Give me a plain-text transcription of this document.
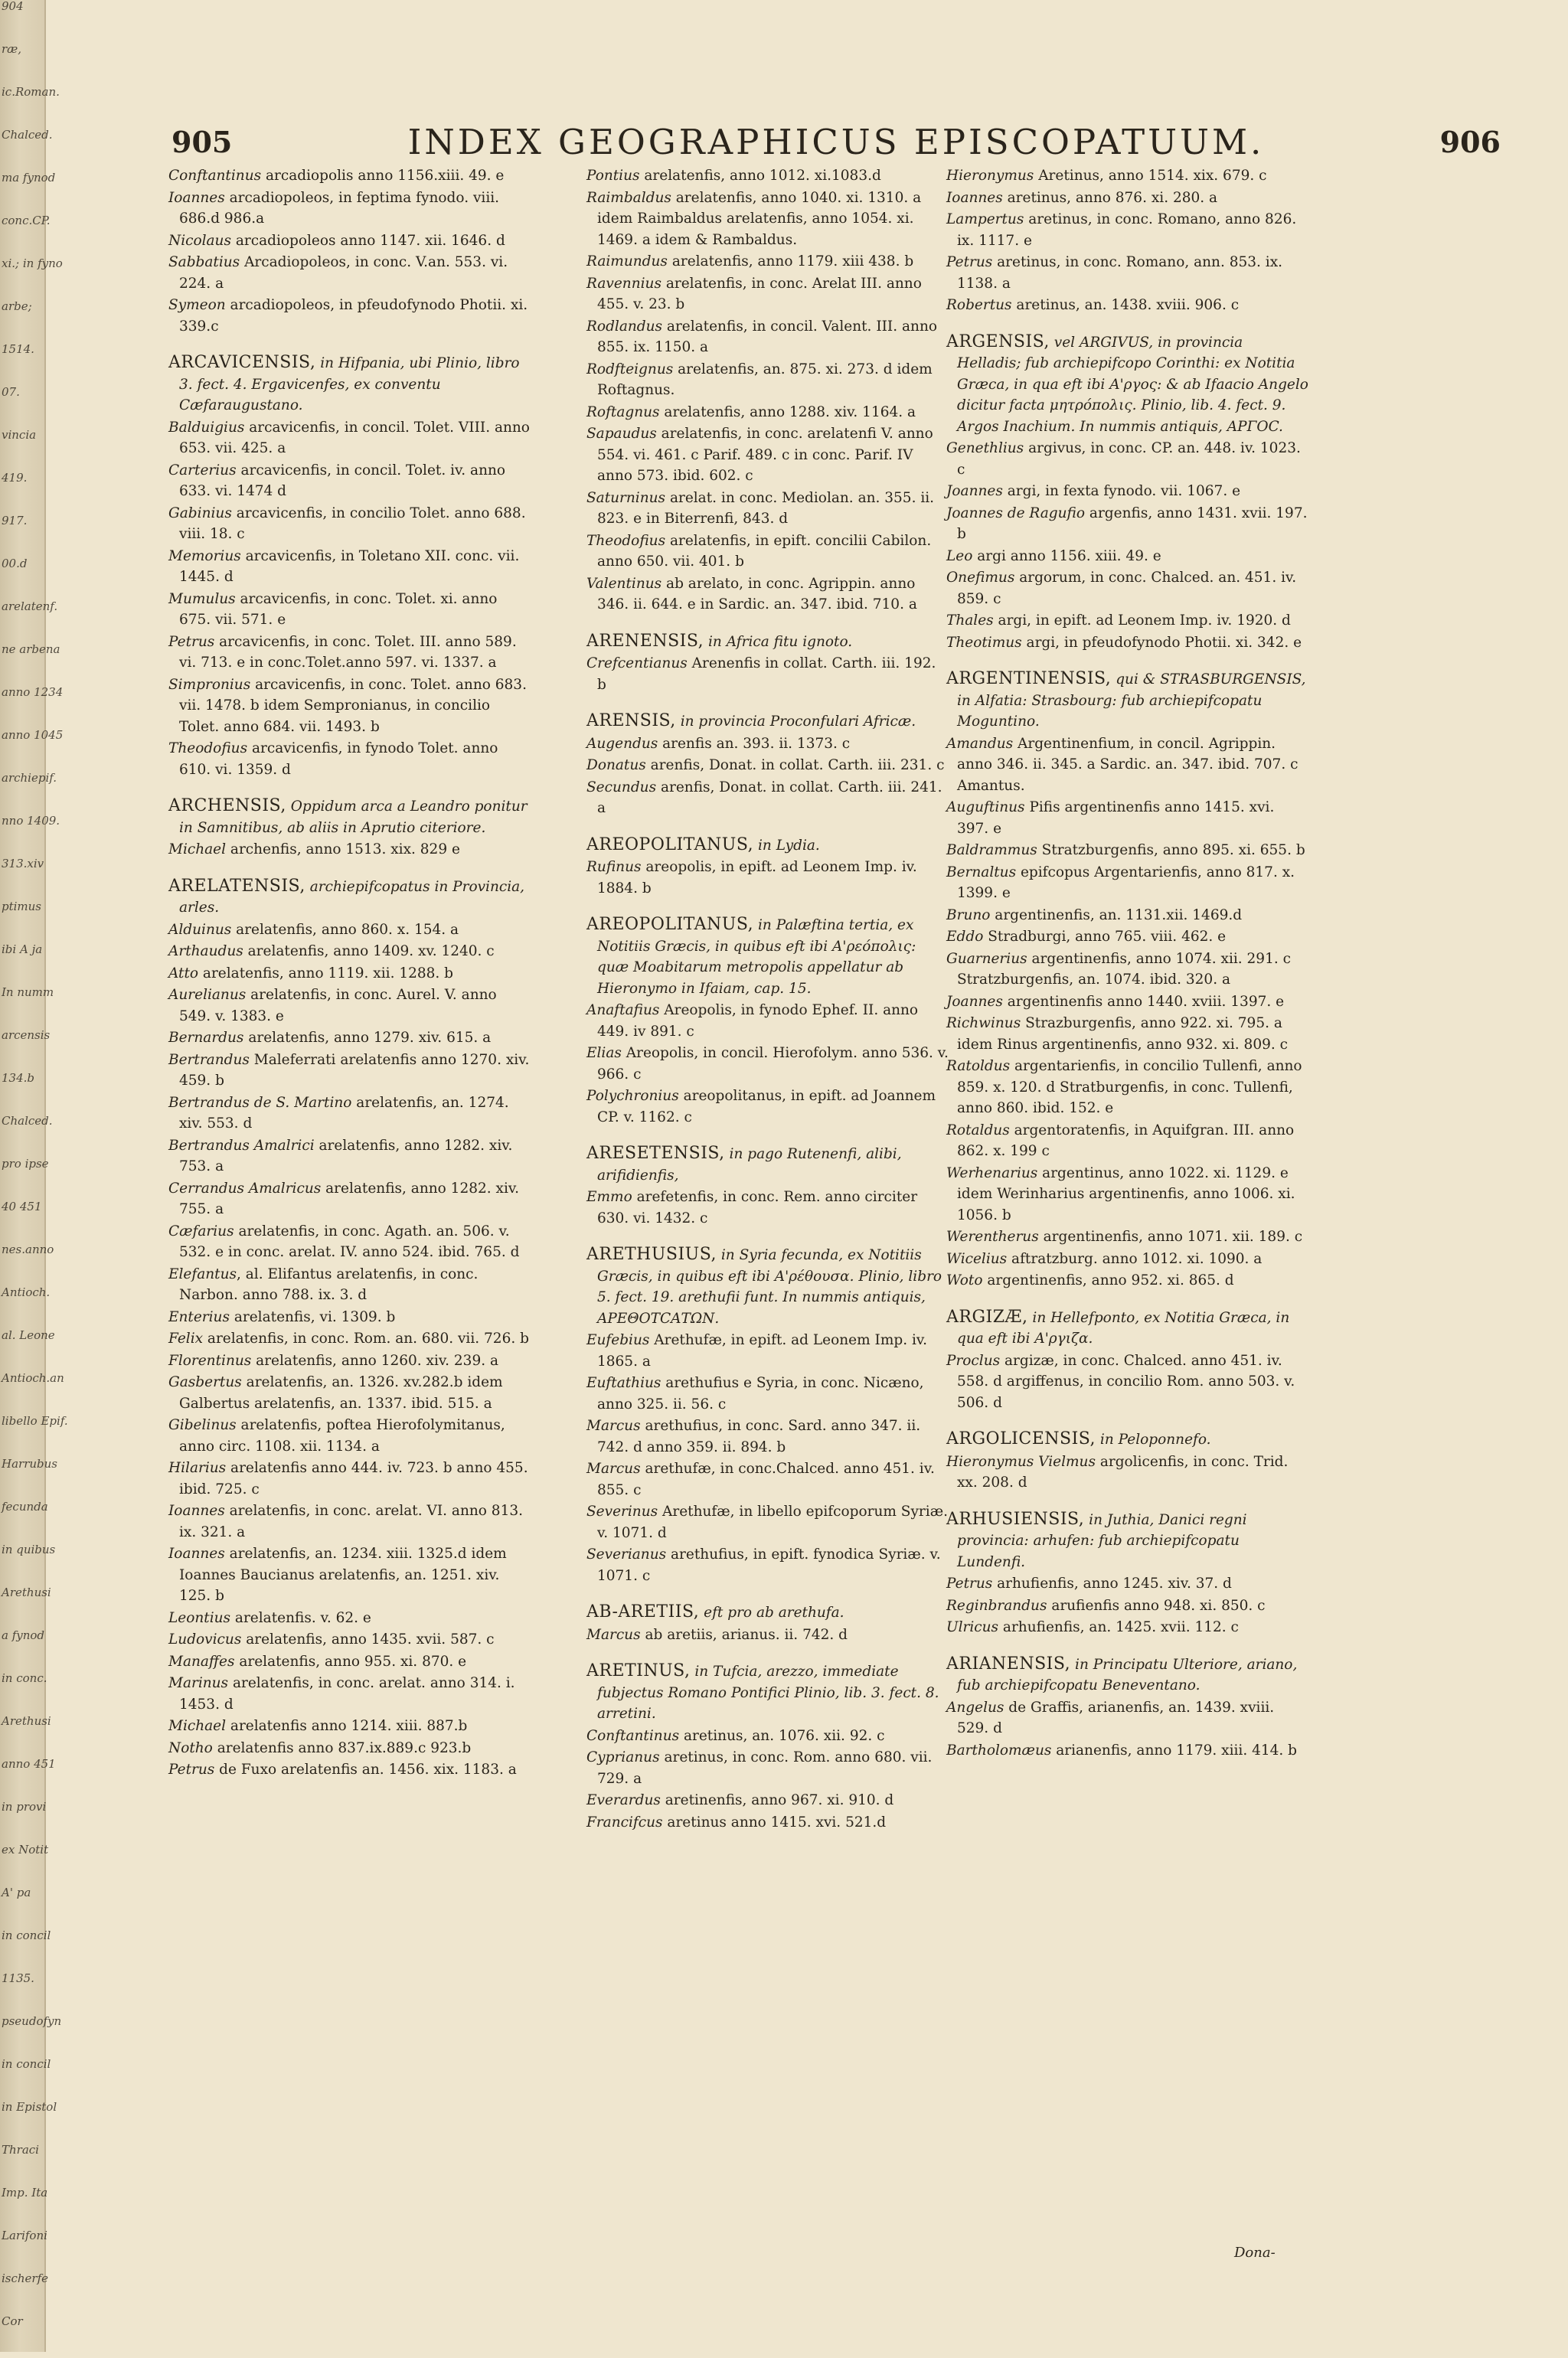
904
ræ,
ic.Roman.
Chalced.
ma fynod
conc.CP.
xi.; in fyno
arbe;
1514.
07.
vincia
419.
917.
00.d
arelatenf.
ne arbena
anno 1234
anno 1045
archiepif.
nno 1409.
313.xiv
ptimus
ibi A ja
In numm
arcensis
134.b
Chalced.
pro ipse
40 451
nes.anno
Antioch.
al. Leone
Antioch.an
libello Epif.
Harrubus
fecunda
in quibus
Arethusi
a fynod
in conc.
Arethusi
anno 451
in provi
ex Notit
A' pa
in concil
1135.
pseudofyn
in concil
in Epistol
Thraci
Imp. Ita
Larifoni
ischerfe
Cor
905	INDEX GEOGRAPHICUS EPISCOPATUUM.	906
Conftantinus arcadiopolis anno 1156.xiii. 49. e
Ioannes arcadiopoleos, in feptima fynodo. viii. 686.d 986.a
Nicolaus arcadiopoleos anno 1147. xii. 1646. d
Sabbatius Arcadiopoleos, in conc. V.an. 553. vi. 224. a
Symeon arcadiopoleos, in pfeudofynodo Photii. xi. 339.c
ARCAVICENSIS, in Hifpania, ubi Plinio, libro 3. fect. 4. Ergavicenfes, ex conventu Cæfaraugustano.
Balduigius arcavicenfis, in concil. Tolet. VIII. anno 653. vii. 425. a
Carterius arcavicenfis, in concil. Tolet. iv. anno 633. vi. 1474 d
Gabinius arcavicenfis, in concilio Tolet. anno 688. viii. 18. c
Memorius arcavicenfis, in Toletano XII. conc. vii. 1445. d
Mumulus arcavicenfis, in conc. Tolet. xi. anno 675. vii. 571. e
Petrus arcavicenfis, in conc. Tolet. III. anno 589. vi. 713. e in conc.Tolet.anno 597. vi. 1337. a
Simpronius arcavicenfis, in conc. Tolet. anno 683. vii. 1478. b idem Sempronianus, in concilio Tolet. anno 684. vii. 1493. b
Theodofius arcavicenfis, in fynodo Tolet. anno 610. vi. 1359. d
ARCHENSIS, Oppidum arca a Leandro ponitur in Samnitibus, ab aliis in Aprutio citeriore.
Michael archenfis, anno 1513. xix. 829 e
ARELATENSIS, archiepifcopatus in Provincia, arles.
Alduinus arelatenfis, anno 860. x. 154. a
Arthaudus arelatenfis, anno 1409. xv. 1240. c
Atto arelatenfis, anno 1119. xii. 1288. b
Aurelianus arelatenfis, in conc. Aurel. V. anno 549. v. 1383. e
Bernardus arelatenfis, anno 1279. xiv. 615. a
Bertrandus Maleferrati arelatenfis anno 1270. xiv. 459. b
Bertrandus de S. Martino arelatenfis, an. 1274. xiv. 553. d
Bertrandus Amalrici arelatenfis, anno 1282. xiv. 753. a
Cerrandus Amalricus arelatenfis, anno 1282. xiv. 755. a
Cæfarius arelatenfis, in conc. Agath. an. 506. v. 532. e in conc. arelat. IV. anno 524. ibid. 765. d
Elefantus, al. Elifantus arelatenfis, in conc. Narbon. anno 788. ix. 3. d
Enterius arelatenfis, vi. 1309. b
Felix arelatenfis, in conc. Rom. an. 680. vii. 726. b
Florentinus arelatenfis, anno 1260. xiv. 239. a
Gasbertus arelatenfis, an. 1326. xv.282.b idem Galbertus arelatenfis, an. 1337. ibid. 515. a
Gibelinus arelatenfis, poftea Hierofolymitanus, anno circ. 1108. xii. 1134. a
Hilarius arelatenfis anno 444. iv. 723. b anno 455. ibid. 725. c
Ioannes arelatenfis, in conc. arelat. VI. anno 813. ix. 321. a
Ioannes arelatenfis, an. 1234. xiii. 1325.d idem Ioannes Baucianus arelatenfis, an. 1251. xiv. 125. b
Leontius arelatenfis. v. 62. e
Ludovicus arelatenfis, anno 1435. xvii. 587. c
Manaffes arelatenfis, anno 955. xi. 870. e
Marinus arelatenfis, in conc. arelat. anno 314. i. 1453. d
Michael arelatenfis anno 1214. xiii. 887.b
Notho arelatenfis anno 837.ix.889.c 923.b
Petrus de Fuxo arelatenfis an. 1456. xix. 1183. a
Pontius arelatenfis, anno 1012. xi.1083.d
Raimbaldus arelatenfis, anno 1040. xi. 1310. a idem Raimbaldus arelatenfis, anno 1054. xi. 1469. a idem & Rambaldus.
Raimundus arelatenfis, anno 1179. xiii 438. b
Ravennius arelatenfis, in conc. Arelat III. anno 455. v. 23. b
Rodlandus arelatenfis, in concil. Valent. III. anno 855. ix. 1150. a
Rodfteignus arelatenfis, an. 875. xi. 273. d idem Roftagnus.
Roftagnus arelatenfis, anno 1288. xiv. 1164. a
Sapaudus arelatenfis, in conc. arelatenfi V. anno 554. vi. 461. c Parif. 489. c in conc. Parif. IV anno 573. ibid. 602. c
Saturninus arelat. in conc. Mediolan. an. 355. ii. 823. e in Biterrenfi, 843. d
Theodofius arelatenfis, in epift. concilii Cabilon. anno 650. vii. 401. b
Valentinus ab arelato, in conc. Agrippin. anno 346. ii. 644. e in Sardic. an. 347. ibid. 710. a
ARENENSIS, in Africa fitu ignoto.
Crefcentianus Arenenfis in collat. Carth. iii. 192. b
ARENSIS, in provincia Proconfulari Africæ.
Augendus arenfis an. 393. ii. 1373. c
Donatus arenfis, Donat. in collat. Carth. iii. 231. c
Secundus arenfis, Donat. in collat. Carth. iii. 241. a
AREOPOLITANUS, in Lydia.
Rufinus areopolis, in epift. ad Leonem Imp. iv. 1884. b
AREOPOLITANUS, in Palæftina tertia, ex Notitiis Græcis, in quibus eft ibi A'ρεόπολις: quæ Moabitarum metropolis appellatur ab Hieronymo in Ifaiam, cap. 15.
Anaftafius Areopolis, in fynodo Ephef. II. anno 449. iv 891. c
Elias Areopolis, in concil. Hierofolym. anno 536. v. 966. c
Polychronius areopolitanus, in epift. ad Joannem CP. v. 1162. c
ARESETENSIS, in pago Rutenenfi, alibi, arifidienfis,
Emmo arefetenfis, in conc. Rem. anno circiter 630. vi. 1432. c
ARETHUSIUS, in Syria fecunda, ex Notitiis Græcis, in quibus eft ibi A'ρέθουσα. Plinio, libro 5. fect. 19. arethufii funt. In nummis antiquis, APEΘΟΤCΑΤΩΝ.
Eufebius Arethufæ, in epift. ad Leonem Imp. iv. 1865. a
Euftathius arethufius e Syria, in conc. Nicæno, anno 325. ii. 56. c
Marcus arethufius, in conc. Sard. anno 347. ii. 742. d anno 359. ii. 894. b
Marcus arethufæ, in conc.Chalced. anno 451. iv. 855. c
Severinus Arethufæ, in libello epifcoporum Syriæ. v. 1071. d
Severianus arethufius, in epift. fynodica Syriæ. v. 1071. c
AB-ARETIIS, eft pro ab arethufa.
Marcus ab aretiis, arianus. ii. 742. d
ARETINUS, in Tufcia, arezzo, immediate fubjectus Romano Pontifici Plinio, lib. 3. fect. 8. arretini.
Conftantinus aretinus, an. 1076. xii. 92. c
Cyprianus aretinus, in conc. Rom. anno 680. vii. 729. a
Everardus aretinenfis, anno 967. xi. 910. d
Francifcus aretinus anno 1415. xvi. 521.d
Hieronymus Aretinus, anno 1514. xix. 679. c
Ioannes aretinus, anno 876. xi. 280. a
Lampertus aretinus, in conc. Romano, anno 826. ix. 1117. e
Petrus aretinus, in conc. Romano, ann. 853. ix. 1138. a
Robertus aretinus, an. 1438. xviii. 906. c
ARGENSIS, vel ARGIVUS, in provincia Helladis; fub archiepifcopo Corinthi: ex Notitia Græca, in qua eft ibi A'ργος: & ab Ifaacio Angelo dicitur facta μητρόπολις. Plinio, lib. 4. fect. 9. Argos Inachium. In nummis antiquis, APΓOC.
Genethlius argivus, in conc. CP. an. 448. iv. 1023. c
Joannes argi, in fexta fynodo. vii. 1067. e
Joannes de Ragufio argenfis, anno 1431. xvii. 197. b
Leo argi anno 1156. xiii. 49. e
Onefimus argorum, in conc. Chalced. an. 451. iv. 859. c
Thales argi, in epift. ad Leonem Imp. iv. 1920. d
Theotimus argi, in pfeudofynodo Photii. xi. 342. e
ARGENTINENSIS, qui & STRASBURGENSIS, in Alfatia: Strasbourg: fub archiepifcopatu Moguntino.
Amandus Argentinenfium, in concil. Agrippin. anno 346. ii. 345. a Sardic. an. 347. ibid. 707. c Amantus.
Auguftinus Pifis argentinenfis anno 1415. xvi. 397. e
Baldrammus Stratzburgenfis, anno 895. xi. 655. b
Bernaltus epifcopus Argentarienfis, anno 817. x. 1399. e
Bruno argentinenfis, an. 1131.xii. 1469.d
Eddo Stradburgi, anno 765. viii. 462. e
Guarnerius argentinenfis, anno 1074. xii. 291. c Stratzburgenfis, an. 1074. ibid. 320. a
Joannes argentinenfis anno 1440. xviii. 1397. e
Richwinus Strazburgenfis, anno 922. xi. 795. a idem Rinus argentinenfis, anno 932. xi. 809. c
Ratoldus argentarienfis, in concilio Tullenfi, anno 859. x. 120. d Stratburgenfis, in conc. Tullenfi, anno 860. ibid. 152. e
Rotaldus argentoratenfis, in Aquifgran. III. anno 862. x. 199 c
Werhenarius argentinus, anno 1022. xi. 1129. e idem Werinharius argentinenfis, anno 1006. xi. 1056. b
Werentherus argentinenfis, anno 1071. xii. 189. c
Wicelius aftratzburg. anno 1012. xi. 1090. a
Woto argentinenfis, anno 952. xi. 865. d
ARGIZÆ, in Hellefponto, ex Notitia Græca, in qua eft ibi A'ργιζα.
Proclus argizæ, in conc. Chalced. anno 451. iv. 558. d argiffenus, in concilio Rom. anno 503. v. 506. d
ARGOLICENSIS, in Peloponnefo.
Hieronymus Vielmus argolicenfis, in conc. Trid. xx. 208. d
ARHUSIENSIS, in Juthia, Danici regni provincia: arhufen: fub archiepifcopatu Lundenfi.
Petrus arhufienfis, anno 1245. xiv. 37. d
Reginbrandus arufienfis anno 948. xi. 850. c
Ulricus arhufienfis, an. 1425. xvii. 112. c
ARIANENSIS, in Principatu Ulteriore, ariano, fub archiepifcopatu Beneventano.
Angelus de Graffis, arianenfis, an. 1439. xviii. 529. d
Bartholomæus arianenfis, anno 1179. xiii. 414. b
Dona-
